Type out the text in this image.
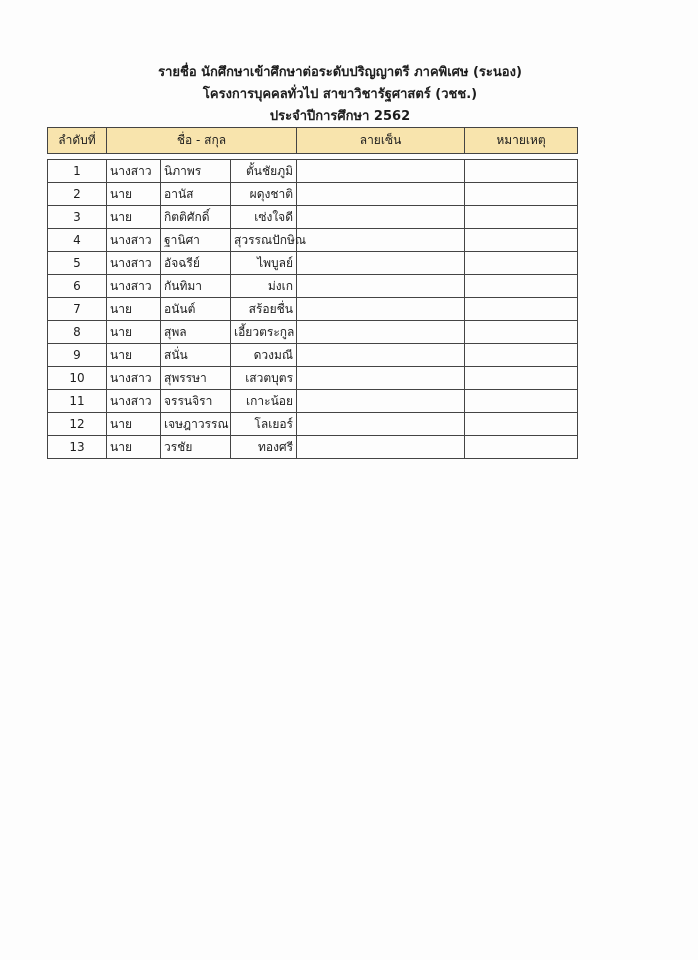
รายชื่อ นักศึกษาเข้าศึกษาต่อระดับปริญญาตรี ภาคพิเศษ (ระนอง)
โครงการบุคคลทั่วไป สาขาวิชารัฐศาสตร์ (วชช.)
ประจำปีการศึกษา 2562
ลำดับที่	ชื่อ - สกุล			ลายเซ็น	หมายเหตุ

1	นางสาว	นิภาพร	ตั้นชัยภูมิ		
2	นาย	อานัส	ผดุงชาติ		
3	นาย	กิตติศักดิ์	เซ่งใจดี		
4	นางสาว	ฐานิศา	สุวรรณปักษิณ		
5	นางสาว	อัจฉรีย์	ไพบูลย์		
6	นางสาว	กันทิมา	ม่งเก		
7	นาย	อนันต์	สร้อยชื่น		
8	นาย	สุพล	เอี้ยวตระกูล		
9	นาย	สนั่น	ดวงมณี		
10	นางสาว	สุพรรษา	เสวตบุตร		
11	นางสาว	จรรนจิรา	เกาะน้อย		
12	นาย	เจษฎาวรรณ	โลเยอร์		
13	นาย	วรชัย	ทองศรี		
